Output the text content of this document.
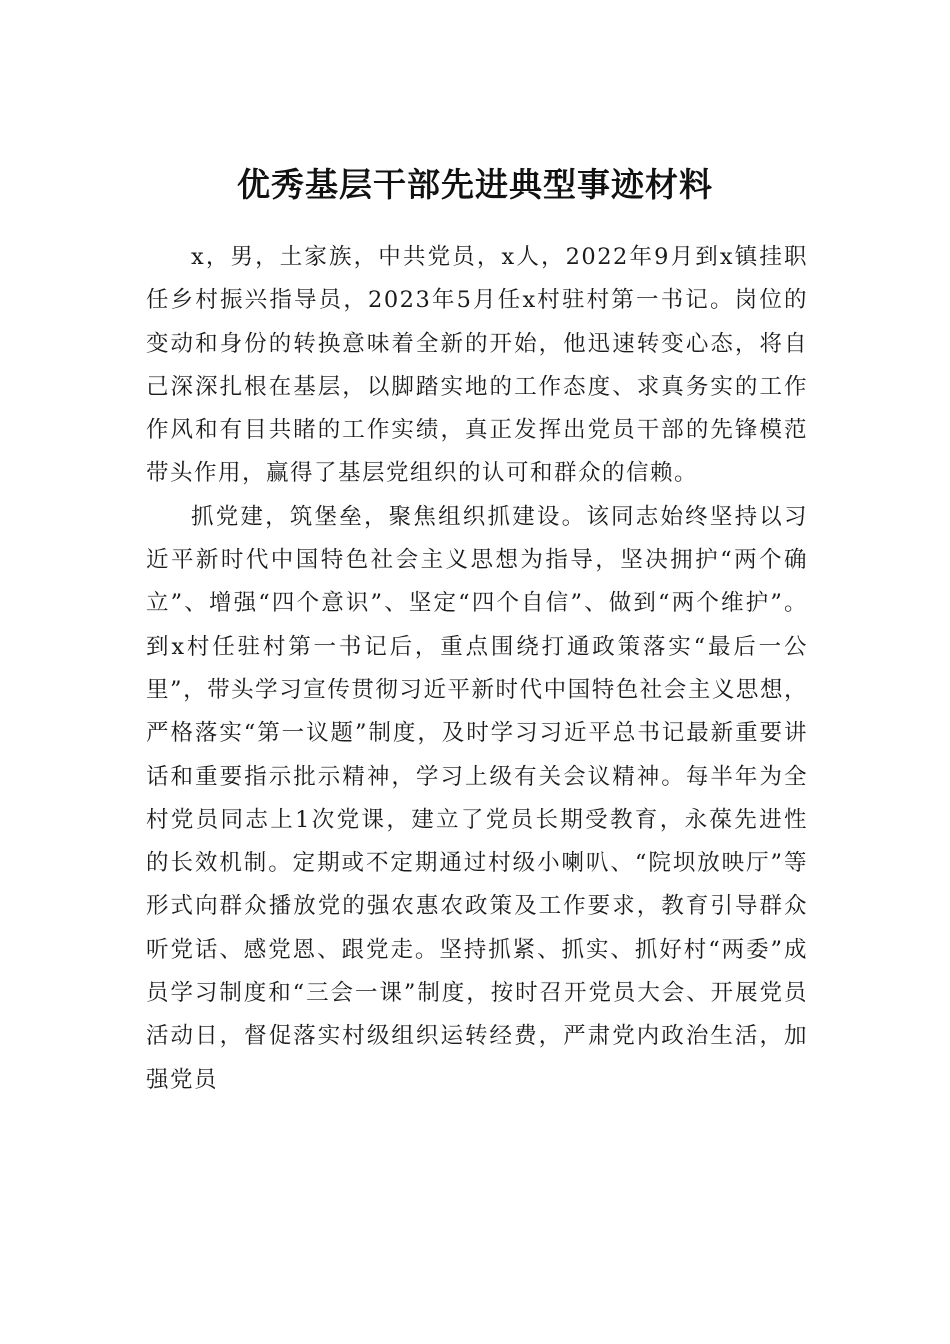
优秀基层干部先进典型事迹材料

x，男，土家族，中共党员，x人，2022年9月到x镇挂职任乡村振兴指导员，2023年5月任x村驻村第一书记。岗位的变动和身份的转换意味着全新的开始，他迅速转变心态，将自己深深扎根在基层，以脚踏实地的工作态度、求真务实的工作作风和有目共睹的工作实绩，真正发挥出党员干部的先锋模范带头作用，赢得了基层党组织的认可和群众的信赖。

抓党建，筑堡垒，聚焦组织抓建设。该同志始终坚持以习近平新时代中国特色社会主义思想为指导，坚决拥护“两个确立”、增强“四个意识”、坚定“四个自信”、做到“两个维护”。到x村任驻村第一书记后，重点围绕打通政策落实“最后一公里”，带头学习宣传贯彻习近平新时代中国特色社会主义思想，严格落实“第一议题”制度，及时学习习近平总书记最新重要讲话和重要指示批示精神，学习上级有关会议精神。每半年为全村党员同志上1次党课，建立了党员长期受教育，永葆先进性的长效机制。定期或不定期通过村级小喇叭、“院坝放映厅”等形式向群众播放党的强农惠农政策及工作要求，教育引导群众听党话、感党恩、跟党走。坚持抓紧、抓实、抓好村“两委”成员学习制度和“三会一课”制度，按时召开党员大会、开展党员活动日，督促落实村级组织运转经费，严肃党内政治生活，加强党员
